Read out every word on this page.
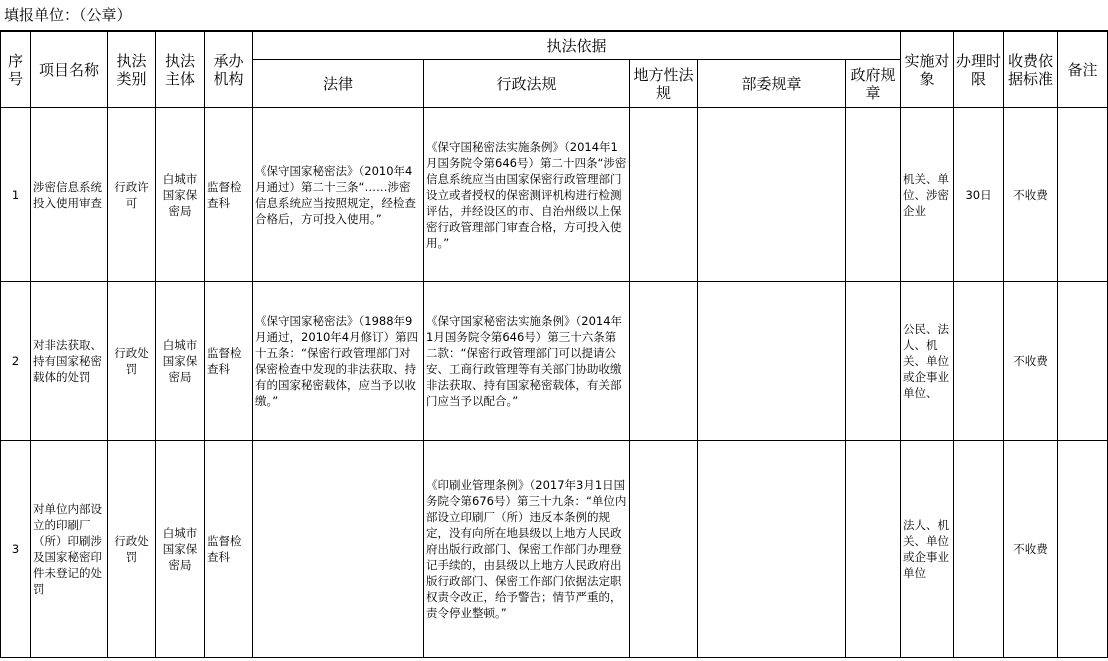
填报单位：（公章）
序号	项目名称	执法类别	执法主体	承办机构	执法依据					实施对象	办理时限	收费依据标准	备注
					法律	行政法规	地方性法规	部委规章	政府规章				
1	涉密信息系统投入使用审查	行政许可	白城市国家保密局	监督检查科	《保守国家秘密法》（2010年4月通过）第二十三条“……涉密信息系统应当按照规定，经检查合格后，方可投入使用。”	《保守国秘密法实施条例》（2014年1月国务院令第646号）第二十四条“涉密信息系统应当由国家保密行政管理部门设立或者授权的保密测评机构进行检测评估，并经设区的市、自治州级以上保密行政管理部门审查合格，方可投入使用。”				机关、单位、涉密企业	30日	不收费	
2	对非法获取、持有国家秘密载体的处罚	行政处罚	白城市国家保密局	监督检查科	《保守国家秘密法》（1988年9月通过，2010年4月修订）第四十五条：“保密行政管理部门对保密检查中发现的非法获取、持有的国家秘密载体，应当予以收缴。”	《保守国家秘密法实施条例》（2014年1月国务院令第646号）第三十六条第二款：“保密行政管理部门可以提请公安、工商行政管理等有关部门协助收缴非法获取、持有国家秘密载体，有关部门应当予以配合。”				公民、法人、机关、单位或企事业单位、		不收费	
3	对单位内部设立的印刷厂（所）印刷涉及国家秘密印件未登记的处罚	行政处罚	白城市国家保密局	监督检查科		《印刷业管理条例》（2017年3月1日国务院令第676号）第三十九条：“单位内部设立印刷厂（所）违反本条例的规定，没有向所在地县级以上地方人民政府出版行政部门、保密工作部门办理登记手续的，由县级以上地方人民政府出版行政部门、保密工作部门依据法定职权责令改正，给予警告；情节严重的，责令停业整顿。”				法人、机关、单位或企事业单位		不收费	
